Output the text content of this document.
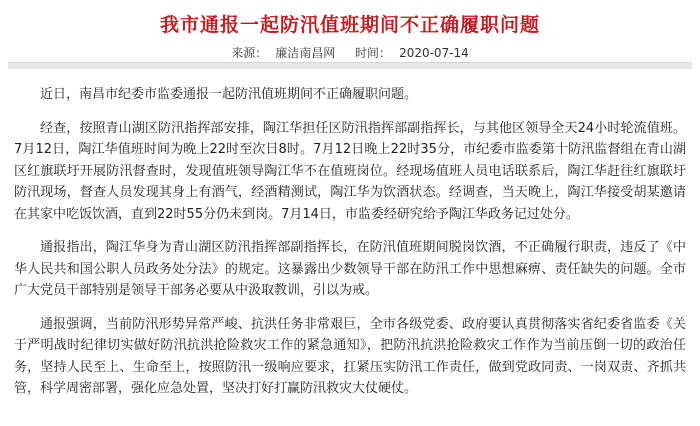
我市通报一起防汛值班期间不正确履职问题
来源： 廉洁南昌网 时间： 2020-07-14

近日，南昌市纪委市监委通报一起防汛值班期间不正确履职问题。

经查，按照青山湖区防汛指挥部安排，陶江华担任区防汛指挥部副指挥长，与其他区领导全天24小时轮流值班。7月12日，陶江华值班时间为晚上22时至次日8时。7月12日晚上22时35分，市纪委市监委第十防汛监督组在青山湖区红旗联圩开展防汛督查时，发现值班领导陶江华不在值班岗位。经现场值班人员电话联系后，陶江华赶往红旗联圩防汛现场，督查人员发现其身上有酒气，经酒精测试，陶江华为饮酒状态。经调查，当天晚上，陶江华接受胡某邀请在其家中吃饭饮酒，直到22时55分仍未到岗。7月14日，市监委经研究给予陶江华政务记过处分。

通报指出，陶江华身为青山湖区防汛指挥部副指挥长，在防汛值班期间脱岗饮酒，不正确履行职责，违反了《中华人民共和国公职人员政务处分法》的规定。这暴露出少数领导干部在防汛工作中思想麻痹、责任缺失的问题。全市广大党员干部特别是领导干部务必要从中汲取教训，引以为戒。

通报强调，当前防汛形势异常严峻、抗洪任务非常艰巨，全市各级党委、政府要认真贯彻落实省纪委省监委《关于严明战时纪律切实做好防汛抗洪抢险救灾工作的紧急通知》，把防汛抗洪抢险救灾工作作为当前压倒一切的政治任务，坚持人民至上、生命至上，按照防汛一级响应要求，扛紧压实防汛工作责任，做到党政同责、一岗双责、齐抓共管，科学周密部署，强化应急处置，坚决打好打赢防汛救灾大仗硬仗。
